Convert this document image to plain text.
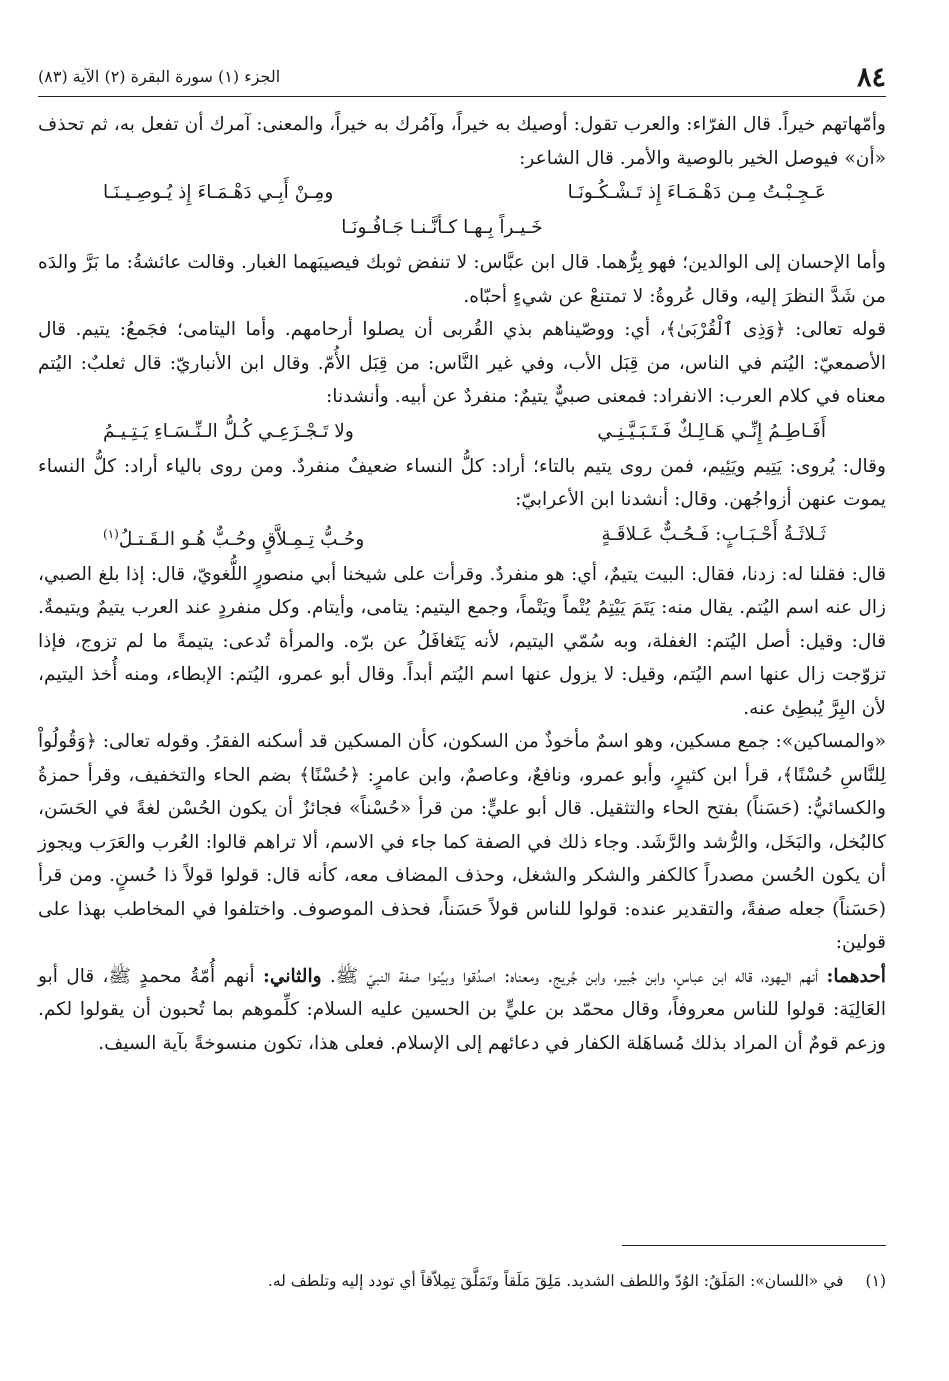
٨٤
الجزء (١) سورة البقرة (٢) الآية (٨٣)

وأمّهاتهم خيراً. قال الفرّاء: والعرب تقول: أوصيك به خيراً، وآمُرك به خيراً، والمعنى: آمرك أن تفعل به، ثم تحذف «أن» فيوصل الخير بالوصية والأمر. قال الشاعر:

عَـجِـبْـتُ مِـن دَهْـمَـاءَ إِذ تَـشْـكُـونَـا
ومِـنْ أَبِـي دَهْـمَـاءَ إِذ يُـوصِـيـنَـا
خَـيـراً بِـهـا كـأنَّـنـا جَـافُـونَـا

وأما الإحسان إلى الوالدين؛ فهو بِرُّهما. قال ابن عبَّاس: لا تنفض ثوبك فيصيبَهما الغبار. وقالت عائشةُ: ما بَرَّ والدَه من شَدَّ النظرَ إليه، وقال عُروةُ: لا تمتنعْ عن شيءٍ أحبّاه.

قوله تعالى: ﴿وَذِى ٱلْقُرْبَىٰ﴾، أي: ووصّيناهم بذي القُربى أن يصلوا أرحامهم. وأما اليتامى؛ فجَمعُ: يتيم. قال الأصمعيّ: اليُتم في الناس، من قِبَل الأب، وفي غير النَّاس: من قِبَل الأُمّ. وقال ابن الأنباريّ: قال ثعلبٌ: اليُتم معناه في كلام العرب: الانفراد: فمعنى صبيٌّ يتيمٌ: منفردٌ عن أبيه. وأنشدنا:

أَفَـاطِـمُ إِنِّـي هَـالِـكٌ فَـتَـبَـيَّـنِـي
ولا تَـجْـزَعِـي كُـلُّ الـنِّـسَـاءِ يَـتِـيـمُ

وقال: يُروى: يَتِيم ويَئِيم، فمن روى يتيم بالتاء؛ أراد: كلُّ النساء ضعيفٌ منفردٌ. ومن روى بالياء أراد: كلُّ النساء يموت عنهن أزواجُهن. وقال: أنشدنا ابن الأعرابيّ:

ثَـلاثَـةُ أَحْـبَـابٍ: فَـحُـبٌّ عَـلاقَـةٍ
وحُـبُّ تِـمِـلاَّقٍ وحُـبٌّ هُـو الـقَـتـلُ$^{(١)}$

قال: فقلنا له: زدنا، فقال: البيت يتيمٌ، أي: هو منفردٌ. وقرأت على شيخنا أبي منصورٍ اللُّغويّ، قال: إذا بلغ الصبي، زال عنه اسم اليُتم. يقال منه: يَتَمَ يَيْتِمُ يُتْماً ويَتْماً، وجمع اليتيم: يتامى، وأيتام. وكل منفردٍ عند العرب يتيمٌ ويتيمةٌ. قال: وقيل: أصل اليُتم: الغفلة، وبه سُمّي اليتيم، لأنه يَتَغافَلُ عن برّه. والمرأة تُدعى: يتيمةً ما لم تزوج، فإذا تزوّجت زال عنها اسم اليُتم، وقيل: لا يزول عنها اسم اليُتم أبداً. وقال أبو عمرو، اليُتم: الإبطاء، ومنه أُخذ اليتيم، لأن البِرَّ يُبطِئ عنه.

«والمساكين»: جمع مسكين، وهو اسمٌ مأخوذٌ من السكون، كأن المسكين قد أسكنه الفقرُ. وقوله تعالى: ﴿وَقُولُواْ لِلنَّاسِ حُسْنًا﴾، قرأ ابن كثيرٍ، وأبو عمرو، ونافعٌ، وعاصمٌ، وابن عامرٍ: ﴿حُسْنًا﴾ بضم الحاء والتخفيف، وقرأ حمزةُ والكسائيُّ: (حَسَناً) بفتح الحاء والتثقيل. قال أبو عليٍّ: من قرأ «حُسْناً» فجائزٌ أن يكون الحُسْن لغةً في الحَسَن، كالبُخل، والبَخَل، والرُّشد والرَّشَد. وجاء ذلك في الصفة كما جاء في الاسم، ألا تراهم قالوا: العُرب والعَرَب ويجوز أن يكون الحُسن مصدراً كالكفر والشكر والشغل، وحذف المضاف معه، كأنه قال: قولوا قولاً ذا حُسنٍ. ومن قرأ (حَسَناً) جعله صفةً، والتقدير عنده: قولوا للناس قولاً حَسَناً، فحذف الموصوف. واختلفوا في المخاطب بهذا على قولين:

أحدهما: أنهم اليهود، قاله ابن عباسٍ، وابن جُبير، وابن جُريج. ومعناه: اصدُقوا وبيِّنوا صفة النبيّ ﷺ. والثاني: أنهم أُمّةُ محمدٍ ﷺ، قال أبو العَالِيَة: قولوا للناس معروفاً، وقال محمّد بن عليٍّ بن الحسين عليه السلام: كلِّموهم بما تُحبون أن يقولوا لكم. وزعم قومٌ أن المراد بذلك مُساهَلة الكفار في دعائهم إلى الإسلام. فعلى هذا، تكون منسوخةً بآية السيف.

(١)في «اللسان»: المَلَقُ: الوُدّ واللطف الشديد. مَلِقَ مَلَقاً وتَمَلَّقَ تِمِلاّقاً أي تودد إليه وتلطف له.
